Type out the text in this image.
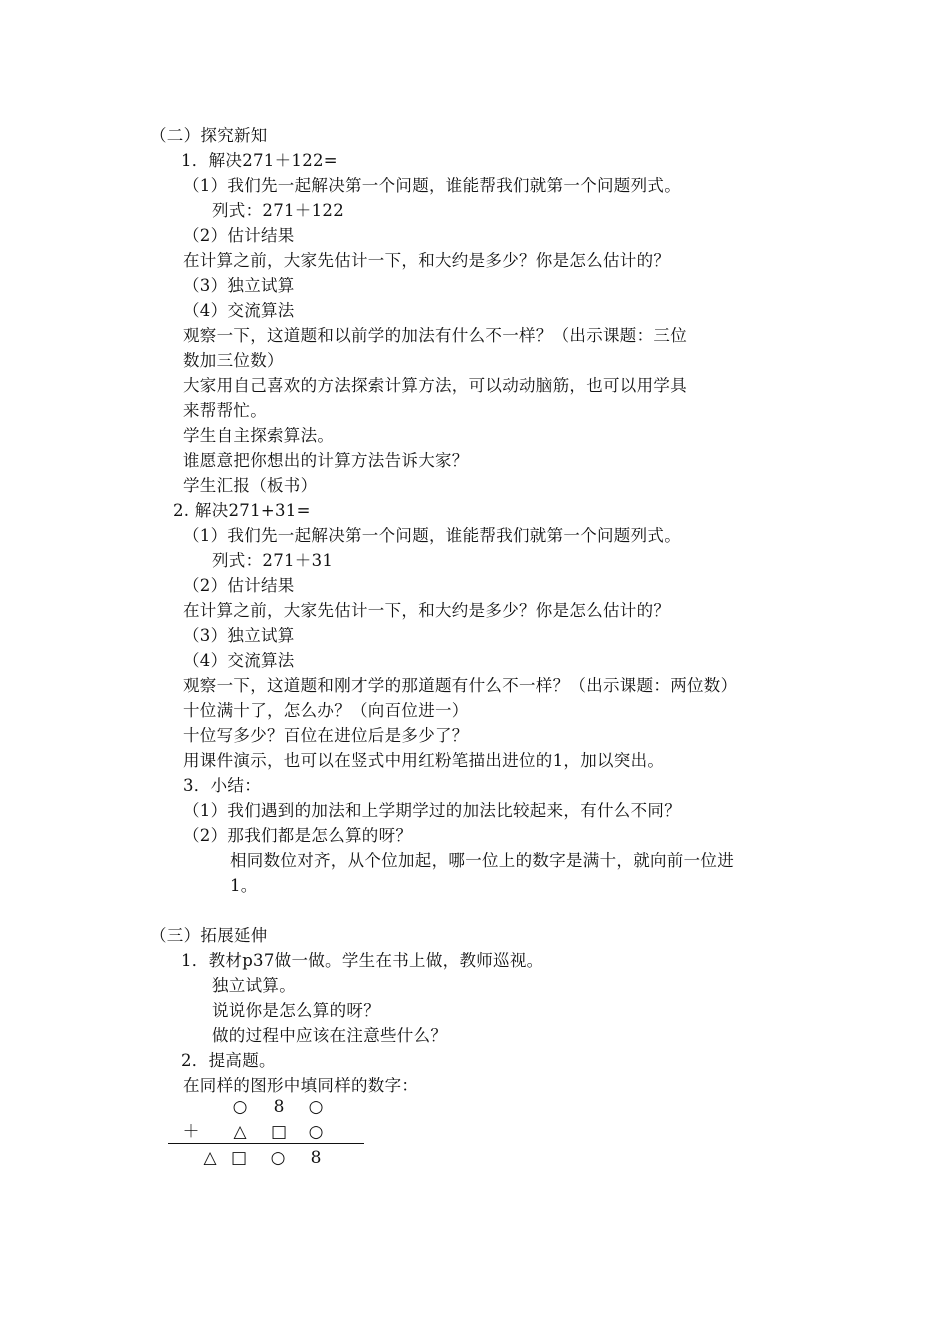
（二）探究新知
1．解决271＋122=
（1）我们先一起解决第一个问题，谁能帮我们就第一个问题列式。
列式：271＋122
（2）估计结果
在计算之前，大家先估计一下，和大约是多少？你是怎么估计的？
（3）独立试算
（4）交流算法
观察一下，这道题和以前学的加法有什么不一样？（出示课题：三位
数加三位数）
大家用自己喜欢的方法探索计算方法，可以动动脑筋，也可以用学具
来帮帮忙。
学生自主探索算法。
谁愿意把你想出的计算方法告诉大家？
学生汇报（板书）
2. 解决271+31=
（1）我们先一起解决第一个问题，谁能帮我们就第一个问题列式。
列式：271＋31
（2）估计结果
在计算之前，大家先估计一下，和大约是多少？你是怎么估计的？
（3）独立试算
（4）交流算法
观察一下，这道题和刚才学的那道题有什么不一样？（出示课题：两位数）
十位满十了，怎么办？（向百位进一）
十位写多少？百位在进位后是多少了？
用课件演示，也可以在竖式中用红粉笔描出进位的1，加以突出。
3．小结：
（1）我们遇到的加法和上学期学过的加法比较起来，有什么不同？
（2）那我们都是怎么算的呀？
相同数位对齐，从个位加起，哪一位上的数字是满十，就向前一位进
1。
（三）拓展延伸
1．教材p37做一做。学生在书上做，教师巡视。
独立试算。
说说你是怎么算的呀？
做的过程中应该在注意些什么？
2．提高题。
在同样的图形中填同样的数字：
○	8	○
＋ △ □ ○
△ □ ○	8
